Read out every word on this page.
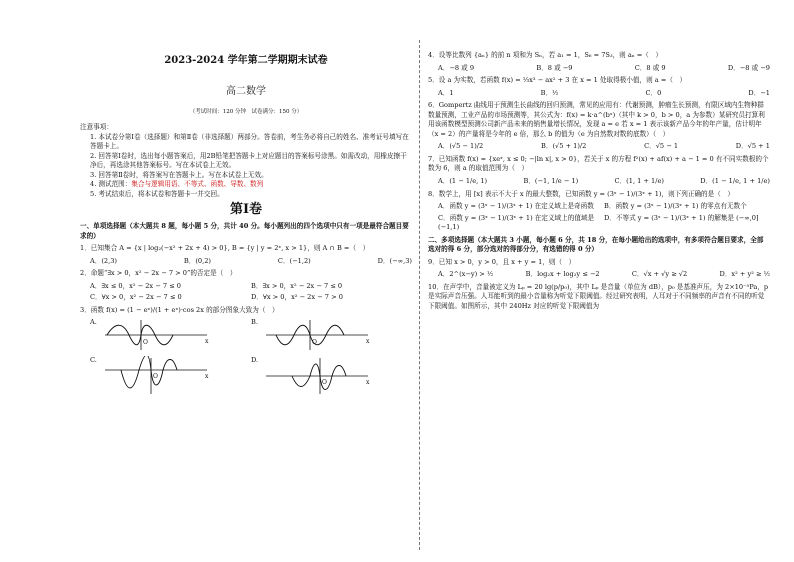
2023-2024 学年第二学期期末试卷
高二数学
（考试时间：120 分钟　试卷满分：150 分）
注意事项：
1. 本试卷分第Ⅰ卷（选择题）和第Ⅱ卷（非选择题）两部分。答卷前，考生务必将自己的姓名、准考证号填写在答题卡上。
2. 回答第Ⅰ卷时，选出每小题答案后，用2B铅笔把答题卡上对应题目的答案标号涂黑。如需改动，用橡皮擦干净后，再选涂其他答案标号。写在本试卷上无效。
3. 回答第Ⅱ卷时，将答案写在答题卡上。写在本试卷上无效。
4. 测试范围：集合与逻辑用语、不等式、函数、导数、数列
5. 考试结束后，将本试卷和答题卡一并交回。
第Ⅰ卷
一、单项选择题（本大题共 8 题，每小题 5 分，共计 40 分。每小题列出的四个选项中只有一项是最符合题目要求的）
1．已知集合 A = {x | log₂(−x² + 2x + 4) > 0}, B = {y | y = 2ˣ, x > 1}，则 A ∩ B =（　）
A．(2,3)	B．(0,2)	C．(−1,2)	D．(−∞,3)
2．命题“∃x > 0，x² − 2x − 7 > 0”的否定是（　）
A．∃x ≤ 0，x² − 2x − 7 ≤ 0	B．∃x > 0，x² − 2x − 7 ≤ 0
C．∀x > 0，x² − 2x − 7 ≤ 0	D．∀x > 0，x² − 2x − 7 > 0
3．函数 f(x) = (1 − eˣ)/(1 + eˣ)·cos 2x 的部分图象大致为（　）
A.
O	x
B.
O	x
C.
O	x
D.
O	x
4．设等比数列 {aₙ} 的前 n 项和为 Sₙ，若 a₁ = 1，S₆ = 7S₃，则 aₙ =（　）
A．−8 或 9	B．8 或 −9	C．8 或 9	D．−8 或 −9
5．设 a 为实数，若函数 f(x) = ⅓x³ − ax² + 3 在 x = 1 处取得极小值，则 a =（　）
A．1	B．½	C．0	D．−1
6．Gompertz 曲线用于预测生长曲线的回归预测，常见的应用有：代谢预测，肿瘤生长预测，有限区域内生物种群数量预测，工业产品的市场预测等，其公式为：f(x) = k·a^(bˣ)（其中 k > 0，b > 0，a 为参数）某研究员打算利用该函数模型预测公司新产品未来的销售量增长情况，发现 a = e 若 x = 1 表示该新产品今年的年产量，估计明年（x = 2）的产量将是今年的 e 倍，那么 b 的值为（e 为自然数对数的底数）（　）
A．(√5 − 1)/2	B．(√5 + 1)/2	C．√5 − 1	D．√5 + 1
7．已知函数 f(x) = {xeˣ, x ≤ 0; −|ln x|, x > 0}，若关于 x 的方程 f²(x) + af(x) + a − 1 = 0 有不同实数根的个数为 6，则 a 的取值范围为（　）
A．(1 − 1/e, 1)	B．(−1, 1/e − 1)	C．(1, 1 + 1/e)	D．(1 − 1/e, 1 + 1/e)
8．数学上，用 [x] 表示不大于 x 的最大整数，已知函数 y = (3ˣ − 1)/(3ˣ + 1)，则下列正确的是（　）
A．函数 y = (3ˣ − 1)/(3ˣ + 1) 在定义域上是奇函数	B．函数 y = (3ˣ − 1)/(3ˣ + 1) 的零点有无数个
C．函数 y = (3ˣ − 1)/(3ˣ + 1) 在定义域上的值域是 (−1,1)
D．不等式 y = (3ˣ − 1)/(3ˣ + 1) 的解集是 (−∞,0]
二、多项选择题（本大题共 3 小题，每小题 6 分，共 18 分，在每小题给出的选项中，有多项符合题目要求，全部选对的得 6 分，部分选对的得部分分，有选错的得 0 分）
9．已知 x > 0，y > 0，且 x + y = 1，则（　）
A．2^(x−y) > ½	B．log₂x + log₂y ≤ −2	C．√x + √y ≥ √2	D．x² + y² ≥ ½
10．在声学中，音量被定义为 Lₚ = 20 lg(p/p₀)，其中 Lₚ 是音量（单位为 dB），p₀ 是基准声压，为 2×10⁻⁵Pa，p 是实际声音压强。人耳能听到的最小音量称为听觉下限阈值。经过研究表明，人耳对于不同频率的声音有不同的听觉下限阈值。如图所示，其中 240Hz 对应的听觉下限阈值为
